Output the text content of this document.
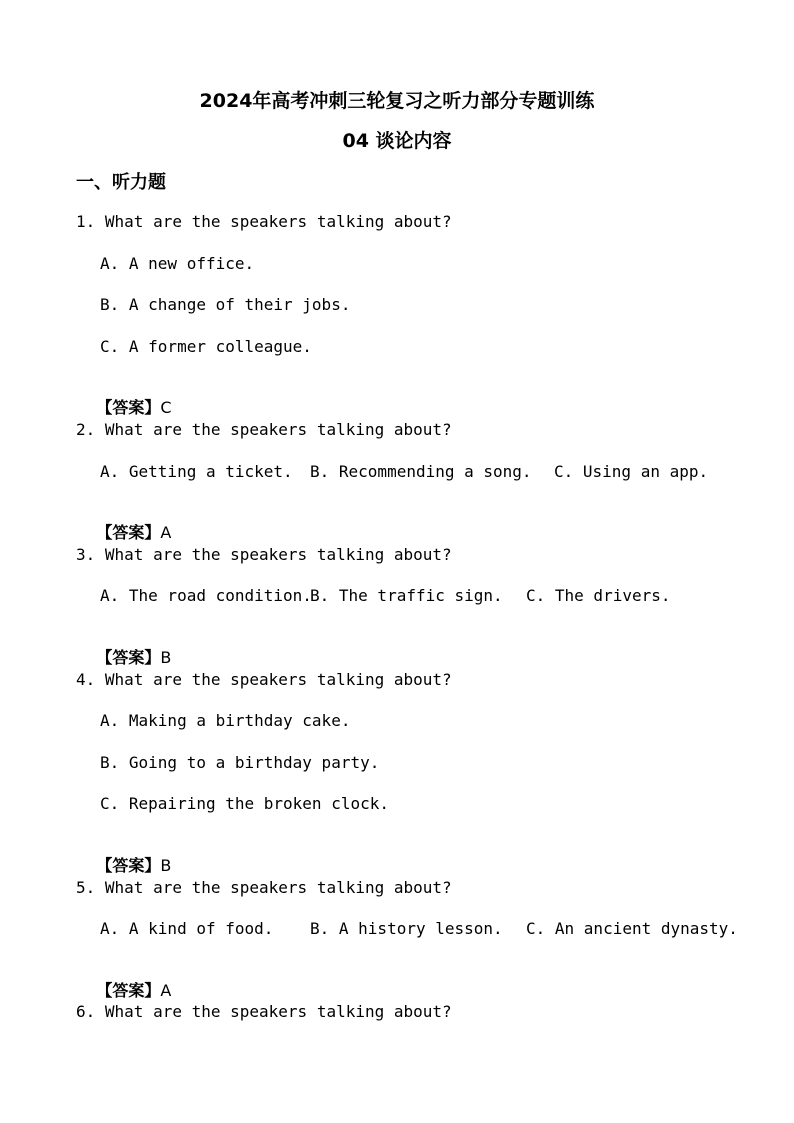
2024年高考冲刺三轮复习之听力部分专题训练
04 谈论内容
一、听力题
1. What are the speakers talking about?
A. A new office.
B. A change of their jobs.
C. A former colleague.

【答案】C

2. What are the speakers talking about?
A. Getting a ticket. B. Recommending a song. C. Using an app.

【答案】A

3. What are the speakers talking about?
A. The road condition.
B. The traffic sign. C. The drivers.

【答案】B

4. What are the speakers talking about?
A. Making a birthday cake.
B. Going to a birthday party.
C. Repairing the broken clock.

【答案】B

5. What are the speakers talking about?
A. A kind of food. B. A history lesson. C. An ancient dynasty.

【答案】A

6. What are the speakers talking about?
